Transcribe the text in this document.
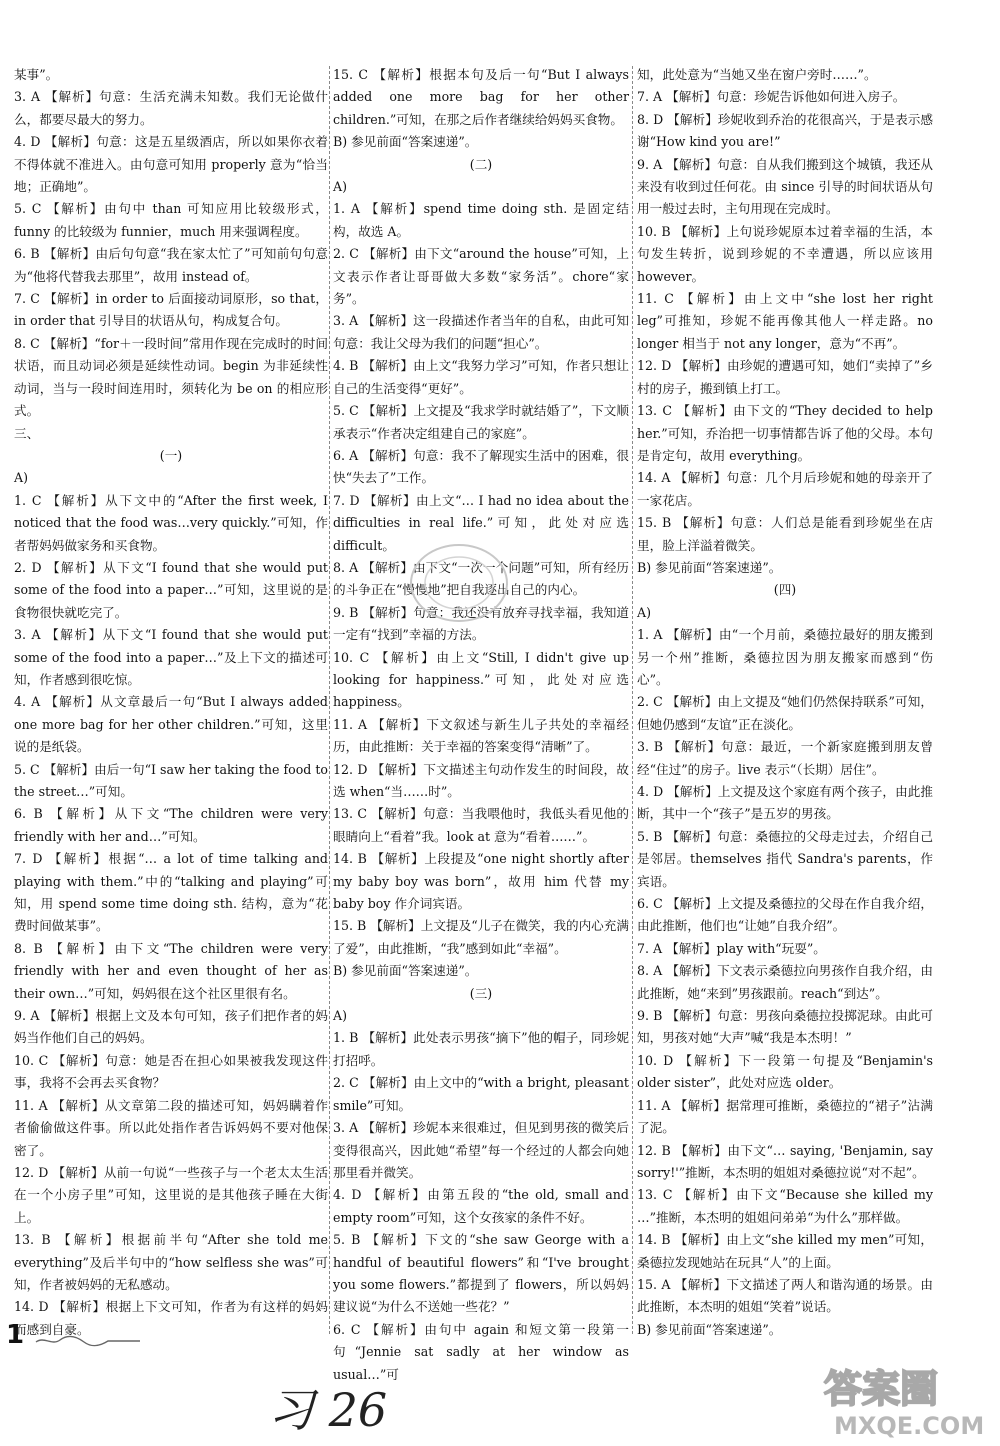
某事”。

3. A 【解析】句意：生活充满未知数。我们无论做什么，都要尽最大的努力。

4. D 【解析】句意：这是五星级酒店，所以如果你衣着不得体就不准进入。由句意可知用 properly 意为“恰当地；正确地”。

5. C 【解析】由句中 than 可知应用比较级形式，funny 的比较级为 funnier，much 用来强调程度。

6. B 【解析】由后句句意“我在家太忙了”可知前句句意为“他将代替我去那里”，故用 instead of。

7. C 【解析】in order to 后面接动词原形，so that，in order that 引导目的状语从句，构成复合句。

8. C 【解析】“for＋一段时间”常用作现在完成时的时间状语，而且动词必须是延续性动词。begin 为非延续性动词，当与一段时间连用时，须转化为 be on 的相应形式。

三、

(一)

A)

1. C 【解析】从下文中的“After the first week, I noticed that the food was…very quickly.”可知，作者帮妈妈做家务和买食物。

2. D 【解析】从下文“I found that she would put some of the food into a paper…”可知，这里说的是食物很快就吃完了。

3. A 【解析】从下文“I found that she would put some of the food into a paper…”及上下文的描述可知，作者感到很吃惊。

4. A 【解析】从文章最后一句“But I always added one more bag for her other children.”可知，这里说的是纸袋。

5. C 【解析】由后一句“I saw her taking the food to the street…”可知。

6. B 【解析】从下文“The children were very friendly with her and…”可知。

7. D 【解析】根据“… a lot of time talking and playing with them.”中的“talking and playing”可知，用 spend some time doing sth. 结构，意为“花费时间做某事”。

8. B 【解析】由下文“The children were very friendly with her and even thought of her as their own…”可知，妈妈很在这个社区里很有名。

9. A 【解析】根据上文及本句可知，孩子们把作者的妈妈当作他们自己的妈妈。

10. C 【解析】句意：她是否在担心如果被我发现这件事，我将不会再去买食物？

11. A 【解析】从文章第二段的描述可知，妈妈瞒着作者偷偷做这件事。所以此处指作者告诉妈妈不要对他保密了。

12. D 【解析】从前一句说“一些孩子与一个老太太生活在一个小房子里”可知，这里说的是其他孩子睡在大街上。

13. B 【解析】根据前半句“After she told me everything”及后半句中的“how selfless she was”可知，作者被妈妈的无私感动。

14. D 【解析】根据上下文可知，作者为有这样的妈妈而感到自豪。

15. C 【解析】根据本句及后一句“But I always added one more bag for her other children.”可知，在那之后作者继续给妈妈买食物。

B) 参见前面“答案速递”。

(二)

A)

1. A 【解析】spend time doing sth. 是固定结构，故选 A。

2. C 【解析】由下文“around the house”可知，上文表示作者让哥哥做大多数“家务活”。chore“家务”。

3. A 【解析】这一段描述作者当年的自私，由此可知句意：我让父母为我们的问题“担心”。

4. B 【解析】由上文“我努力学习”可知，作者只想让自己的生活变得“更好”。

5. C 【解析】上文提及“我求学时就结婚了”，下文顺承表示“作者决定组建自己的家庭”。

6. A 【解析】句意：我不了解现实生活中的困难，很快“失去了”工作。

7. D 【解析】由上文“… I had no idea about the difficulties in real life.”可知，此处对应选 difficult。

8. A 【解析】由下文“一次一个问题”可知，所有经历的斗争正在“慢慢地”把自我逐出自己的内心。

9. B 【解析】句意：我还没有放弃寻找幸福，我知道一定有“找到”幸福的方法。

10. C 【解析】由上文“Still, I didn't give up looking for happiness.”可知，此处对应选 happiness。

11. A 【解析】下文叙述与新生儿子共处的幸福经历，由此推断：关于幸福的答案变得“清晰”了。

12. D 【解析】下文描述主句动作发生的时间段，故选 when“当……时”。

13. C 【解析】句意：当我喂他时，我低头看见他的眼睛向上“看着”我。look at 意为“看着……”。

14. B 【解析】上段提及“one night shortly after my baby boy was born”，故用 him 代替 my baby boy 作介词宾语。

15. B 【解析】上文提及“儿子在微笑，我的内心充满了爱”，由此推断，“我”感到如此“幸福”。

B) 参见前面“答案速递”。

(三)

A)

1. B 【解析】此处表示男孩“摘下”他的帽子，同珍妮打招呼。

2. C 【解析】由上文中的“with a bright, pleasant smile”可知。

3. A 【解析】珍妮本来很难过，但见到男孩的微笑后变得很高兴，因此她“希望”每一个经过的人都会向她那里看并微笑。

4. D 【解析】由第五段的“the old, small and empty room”可知，这个女孩家的条件不好。

5. B 【解析】下文的“she saw George with a handful of beautiful flowers”和“I've brought you some flowers.”都提到了 flowers，所以妈妈建议说“为什么不送她一些花？”

6. C 【解析】由句中 again 和短文第一段第一句“Jennie sat sadly at her window as usual…”可

知，此处意为“当她又坐在窗户旁时……”。

7. A 【解析】句意：珍妮告诉他如何进入房子。

8. D 【解析】珍妮收到乔治的花很高兴，于是表示感谢“How kind you are!”

9. A 【解析】句意：自从我们搬到这个城镇，我还从来没有收到过任何花。由 since 引导的时间状语从句用一般过去时，主句用现在完成时。

10. B 【解析】上句说珍妮原本过着幸福的生活，本句发生转折，说到珍妮的不幸遭遇，所以应该用 however。

11. C 【解析】由上文中“she lost her right leg”可推知，珍妮不能再像其他人一样走路。no longer 相当于 not any longer，意为“不再”。

12. D 【解析】由珍妮的遭遇可知，她们“卖掉了”乡村的房子，搬到镇上打工。

13. C 【解析】由下文的“They decided to help her.”可知，乔治把一切事情都告诉了他的父母。本句是肯定句，故用 everything。

14. A 【解析】句意：几个月后珍妮和她的母亲开了一家花店。

15. B 【解析】句意：人们总是能看到珍妮坐在店里，脸上洋溢着微笑。

B) 参见前面“答案速递”。

(四)

A)

1. A 【解析】由“一个月前，桑德拉最好的朋友搬到另一个州”推断，桑德拉因为朋友搬家而感到“伤心”。

2. C 【解析】由上文提及“她们仍然保持联系”可知，但她仍感到“友谊”正在淡化。

3. B 【解析】句意：最近，一个新家庭搬到朋友曾经“住过”的房子。live 表示“（长期）居住”。

4. D 【解析】上文提及这个家庭有两个孩子，由此推断，其中一个“孩子”是五岁的男孩。

5. B 【解析】句意：桑德拉的父母走过去，介绍自己是邻居。themselves 指代 Sandra's parents，作宾语。

6. C 【解析】上文提及桑德拉的父母在作自我介绍，由此推断，他们也“让她”自我介绍”。

7. A 【解析】play with“玩耍”。

8. A 【解析】下文表示桑德拉向男孩作自我介绍，由此推断，她“来到”男孩跟前。reach“到达”。

9. B 【解析】句意：男孩向桑德拉投掷泥球。由此可知，男孩对她“大声”喊“我是本杰明！”

10. D 【解析】下一段第一句提及“Benjamin's older sister”，此处对应选 older。

11. A 【解析】据常理可推断，桑德拉的“裙子”沾满了泥。

12. B 【解析】由下文“… saying, 'Benjamin, say sorry!'”推断，本杰明的姐姐对桑德拉说“对不起”。

13. C 【解析】由下文“Because she killed my …”推断，本杰明的姐姐问弟弟“为什么”那样做。

14. B 【解析】由上文“she killed my men”可知，桑德拉发现她站在玩具“人”的上面。

15. A 【解析】下文描述了两人和谐沟通的场景。由此推断，本杰明的姐姐“笑着”说话。

B) 参见前面“答案速递”。

1
习 26	答案圈
MXQE.COM
